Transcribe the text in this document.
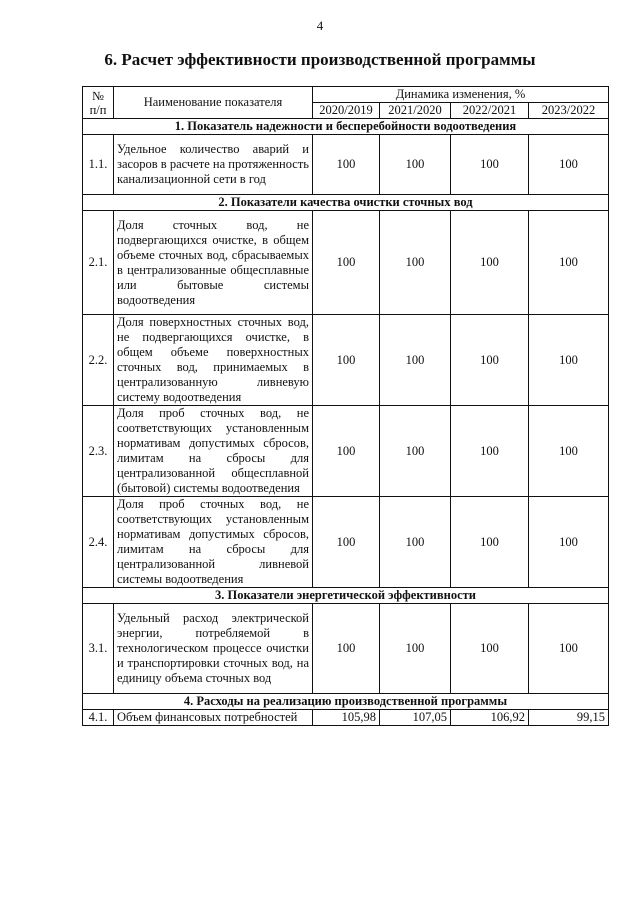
4
6. Расчет эффективности производственной программы
№ п/п	Наименование показателя	Динамика изменения, %			
		2020/2019	2021/2020	2022/2021	2023/2022
1. Показатель надежности и бесперебойности водоотведения					
1.1.	Удельное количество аварий и засоров в расчете на протяженность канализационной сети в год	100	100	100	100
2. Показатели качества очистки сточных вод					
2.1.	Доля сточных вод, не подвергающихся очистке, в общем объеме сточных вод, сбрасываемых в централизованные общесплавные или бытовые системы водоотведения	100	100	100	100
2.2.	Доля поверхностных сточных вод, не подвергающихся очистке, в общем объеме поверхностных сточных вод, принимаемых в централизованную ливневую систему водоотведения	100	100	100	100
2.3.	Доля проб сточных вод, не соответствующих установленным нормативам допустимых сбросов, лимитам на сбросы для централизованной общесплавной (бытовой) системы водоотведения	100	100	100	100
2.4.	Доля проб сточных вод, не соответствующих установленным нормативам допустимых сбросов, лимитам на сбросы для централизованной ливневой системы водоотведения	100	100	100	100
3. Показатели энергетической эффективности					
3.1.	Удельный расход электрической энергии, потребляемой в технологическом процессе очистки и транспортировки сточных вод, на единицу объема сточных вод	100	100	100	100
4. Расходы на реализацию производственной программы					
4.1.	Объем финансовых потребностей	105,98	107,05	106,92	99,15
